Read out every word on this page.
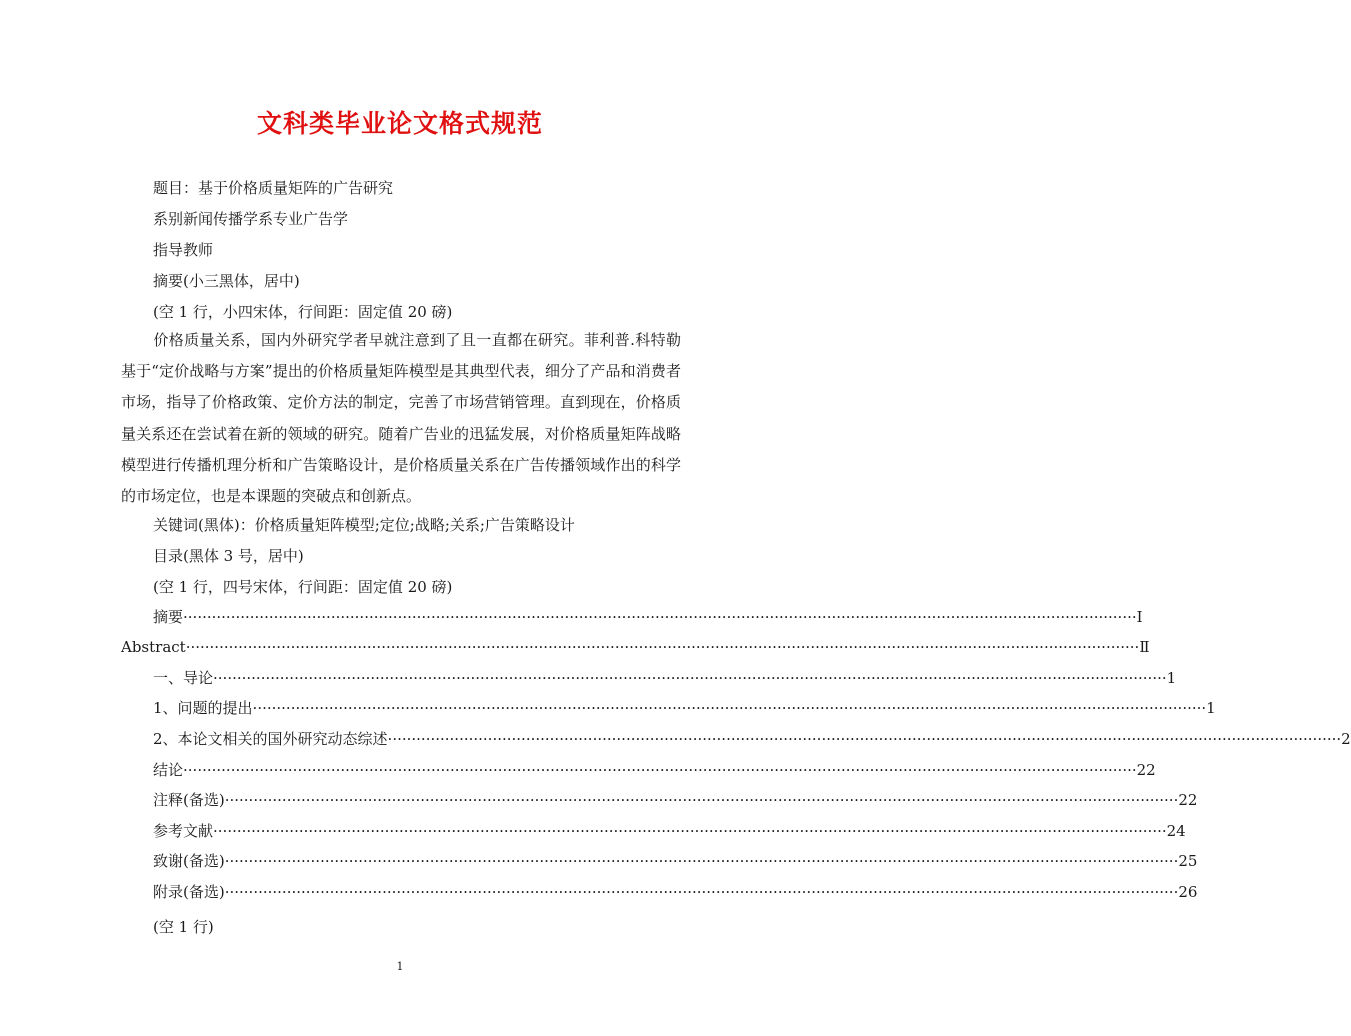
文科类毕业论文格式规范
题目：基于价格质量矩阵的广告研究
系别新闻传播学系专业广告学
指导教师
摘要(小三黑体，居中)
(空 1 行，小四宋体，行间距：固定值 20 磅)
价格质量关系，国内外研究学者早就注意到了且一直都在研究。菲利普.科特勒基于“定价战略与方案”提出的价格质量矩阵模型是其典型代表，细分了产品和消费者市场，指导了价格政策、定价方法的制定，完善了市场营销管理。直到现在，价格质量关系还在尝试着在新的领域的研究。随着广告业的迅猛发展，对价格质量矩阵战略模型进行传播机理分析和广告策略设计，是价格质量关系在广告传播领域作出的科学的市场定位，也是本课题的突破点和创新点。
关键词(黑体)：价格质量矩阵模型;定位;战略;关系;广告策略设计
目录(黑体 3 号，居中)
(空 1 行，四号宋体，行间距：固定值 20 磅)
摘要 ········································································································································································································ Ⅰ
Abstract ········································································································································································································ Ⅱ
一、导论 ········································································································································································································ 1
1、问题的提出 ········································································································································································································ 1
2、本论文相关的国外研究动态综述 ········································································································································································································ 2
结论 ········································································································································································································ 22
注释(备选) ········································································································································································································ 22
参考文献 ········································································································································································································ 24
致谢(备选) ········································································································································································································ 25
附录(备选) ········································································································································································································ 26
(空 1 行)
1
